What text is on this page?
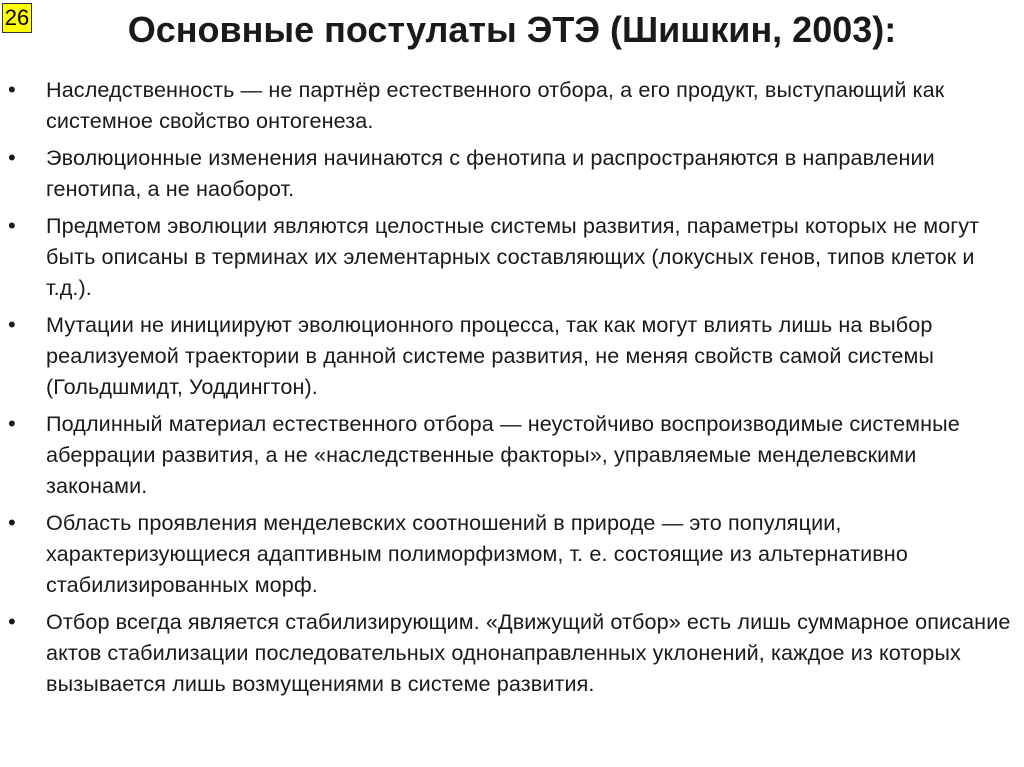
26	Основные постулаты ЭТЭ (Шишкин, 2003):
• Наследственность — не партнёр естественного отбора, а его продукт, выступающий как системное свойство онтогенеза.
• Эволюционные изменения начинаются с фенотипа и распространяются в направлении генотипа, а не наоборот.
• Предметом эволюции являются целостные системы развития, параметры которых не могут быть описаны в терминах их элементарных составляющих (локусных генов, типов клеток и т.д.).
• Мутации не инициируют эволюционного процесса, так как могут влиять лишь на выбор реализуемой траектории в данной системе развития, не меняя свойств самой системы (Гольдшмидт, Уоддингтон).
• Подлинный материал естественного отбора — неустойчиво воспроизводимые системные аберрации развития, а не «наследственные факторы», управляемые менделевскими законами.
• Область проявления менделевских соотношений в природе — это популяции, характеризующиеся адаптивным полиморфизмом, т. е. состоящие из альтернативно стабилизированных морф.
• Отбор всегда является стабилизирующим. «Движущий отбор» есть лишь суммарное описание актов стабилизации последовательных однонаправленных уклонений, каждое из которых вызывается лишь возмущениями в системе развития.
